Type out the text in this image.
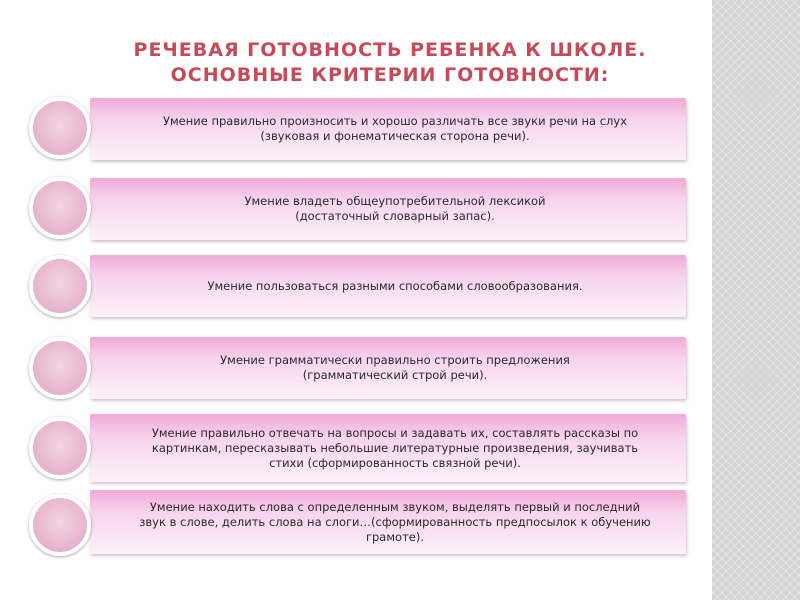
РЕЧЕВАЯ ГОТОВНОСТЬ РЕБЕНКА К ШКОЛЕ.
ОСНОВНЫЕ КРИТЕРИИ ГОТОВНОСТИ:
Умение правильно произносить и хорошо различать все звуки речи на слух
(звуковая и фонематическая сторона речи).
Умение владеть общеупотребительной лексикой
(достаточный словарный запас).
Умение пользоваться разными способами словообразования.
Умение грамматически правильно строить предложения
(грамматический строй речи).
Умение правильно отвечать на вопросы и задавать их, составлять рассказы по
картинкам, пересказывать небольшие литературные произведения, заучивать
стихи (сформированность связной речи).
Умение находить слова с определенным звуком, выделять первый и последний
звук в слове, делить слова на слоги…(сформированность предпосылок к обучению
грамоте).
